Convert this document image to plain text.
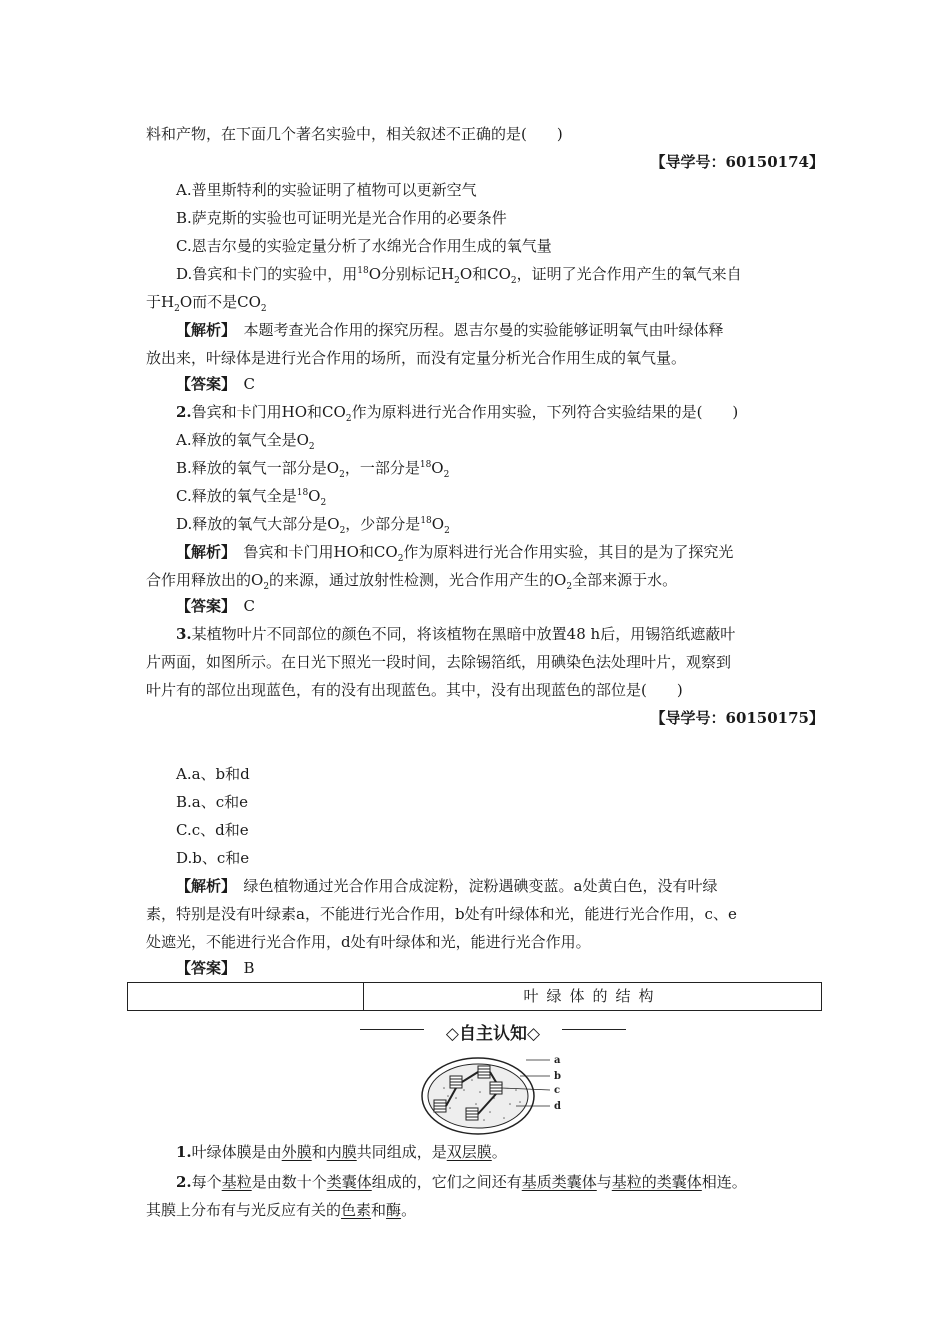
料和产物，在下面几个著名实验中，相关叙述不正确的是(　　)
【导学号：60150174】
A.普里斯特利的实验证明了植物可以更新空气
B.萨克斯的实验也可证明光是光合作用的必要条件
C.恩吉尔曼的实验定量分析了水绵光合作用生成的氧气量
D.鲁宾和卡门的实验中，用$^{18}$O分别标记$H_2O$和$CO_2$，证明了光合作用产生的氧气来自
于$H_2O$而不是$CO_2$
【解析】　 本题考查光合作用的探究历程。恩吉尔曼的实验能够证明氧气由叶绿体释
放出来，叶绿体是进行光合作用的场所，而没有定量分析光合作用生成的氧气量。
【答案】　 C
2.鲁宾和卡门用HO和$CO_2$作为原料进行光合作用实验，下列符合实验结果的是(　　)
A.释放的氧气全是$O_2$
B.释放的氧气一部分是$O_2$，一部分是$^{18}O_2$
C.释放的氧气全是$^{18}O_2$
D.释放的氧气大部分是$O_2$，少部分是$^{18}O_2$
【解析】　 鲁宾和卡门用HO和$CO_2$作为原料进行光合作用实验，其目的是为了探究光
合作用释放出的$O_2$的来源，通过放射性检测，光合作用产生的$O_2$全部来源于水。
【答案】　 C
3.某植物叶片不同部位的颜色不同，将该植物在黑暗中放置48 h后，用锡箔纸遮蔽叶
片两面，如图所示。在日光下照光一段时间，去除锡箔纸，用碘染色法处理叶片，观察到
叶片有的部位出现蓝色，有的没有出现蓝色。其中，没有出现蓝色的部位是(　　)
【导学号：60150175】
A.a、b和d
B.a、c和e
C.c、d和e
D.b、c和e
【解析】　 绿色植物通过光合作用合成淀粉，淀粉遇碘变蓝。a处黄白色，没有叶绿
素，特别是没有叶绿素a，不能进行光合作用，b处有叶绿体和光，能进行光合作用，c、e
处遮光，不能进行光合作用，d处有叶绿体和光，能进行光合作用。
【答案】　 B
叶绿体的结构
◇自主认知◇
a
b
c
d
1.叶绿体膜是由外膜和内膜共同组成，是双层膜。
2.每个基粒是由数十个类囊体组成的，它们之间还有基质类囊体与基粒的类囊体相连。
其膜上分布有与光反应有关的色素和酶。
